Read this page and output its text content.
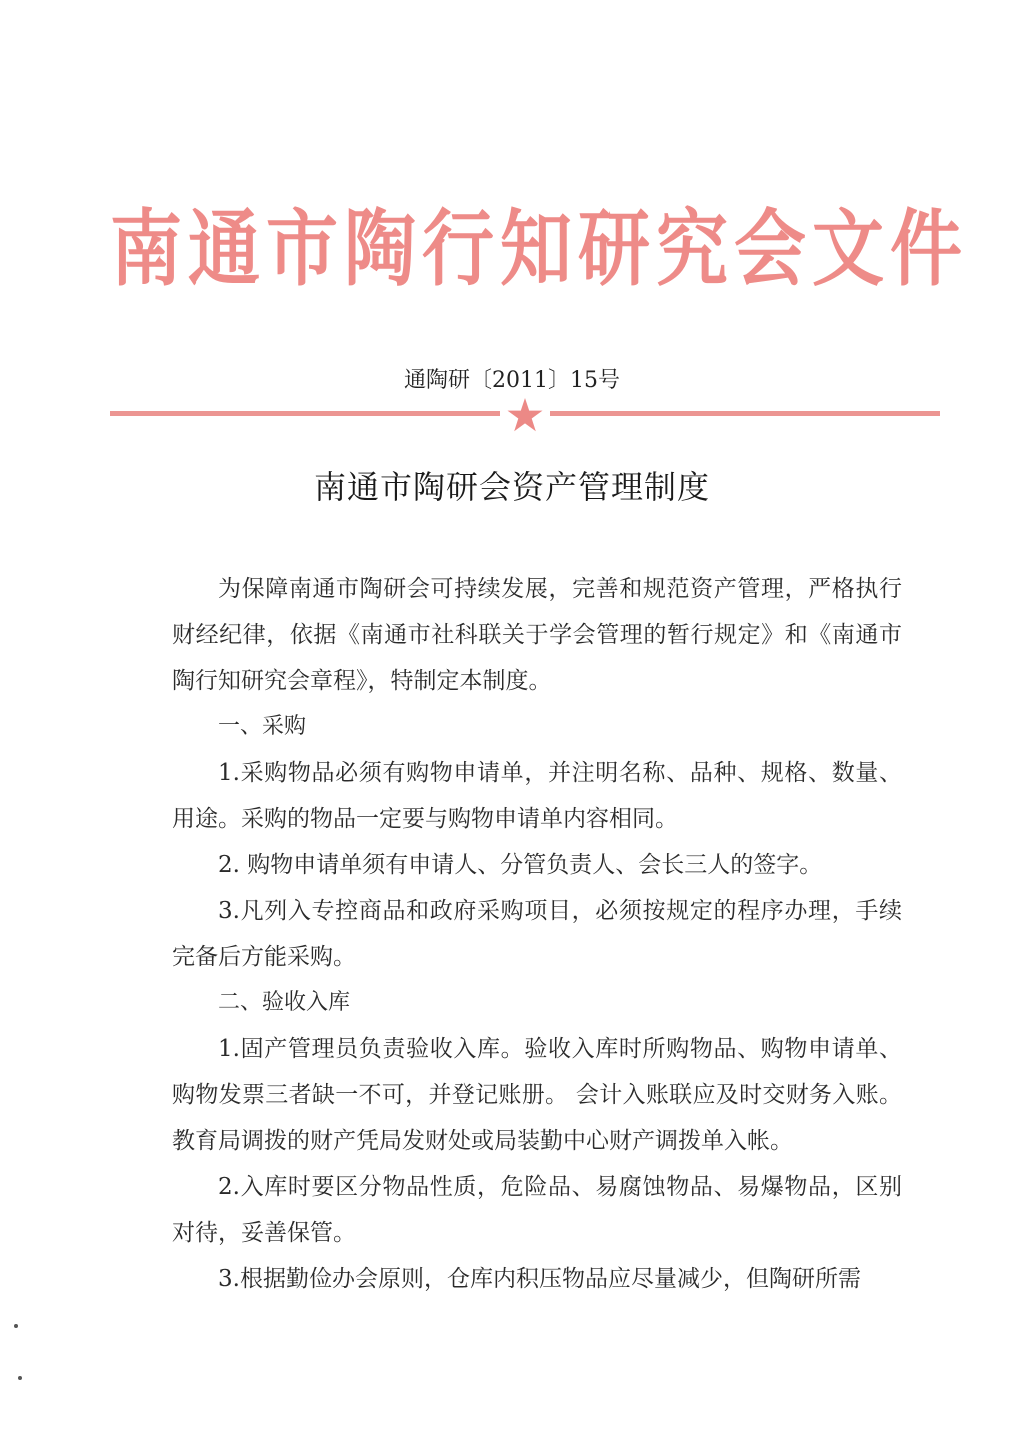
南通市陶行知研究会文件
通陶研〔2011〕15号
南通市陶研会资产管理制度

为保障南通市陶研会可持续发展，完善和规范资产管理，严格执行财经纪律，依据《南通市社科联关于学会管理的暂行规定》和《南通市陶行知研究会章程》，特制定本制度。

一、采购

1.采购物品必须有购物申请单，并注明名称、品种、规格、数量、用途。采购的物品一定要与购物申请单内容相同。

2. 购物申请单须有申请人、分管负责人、会长三人的签字。

3.凡列入专控商品和政府采购项目，必须按规定的程序办理，手续完备后方能采购。

二、验收入库

1.固产管理员负责验收入库。验收入库时所购物品、购物申请单、购物发票三者缺一不可，并登记账册。 会计入账联应及时交财务入账。教育局调拨的财产凭局发财处或局装勤中心财产调拨单入帐。

2.入库时要区分物品性质，危险品、易腐蚀物品、易爆物品，区别对待，妥善保管。

3.根据勤俭办会原则，仓库内积压物品应尽量减少，但陶研所需
